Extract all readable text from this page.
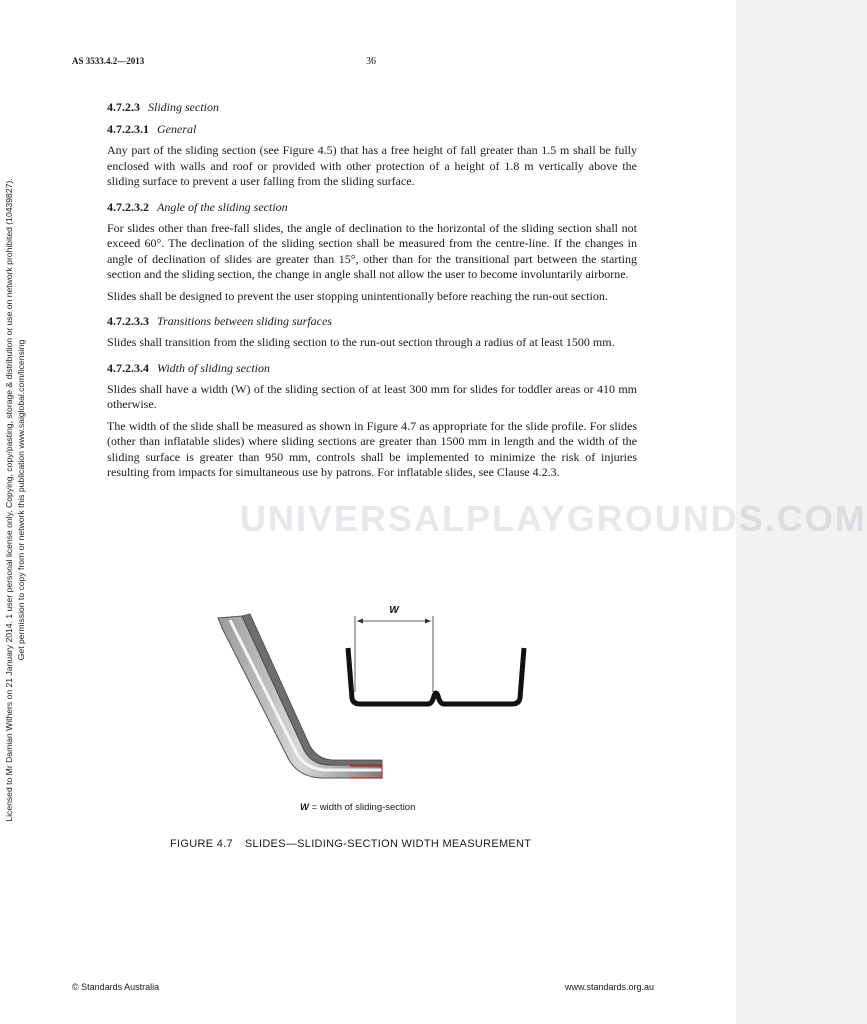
AS 3533.4.2—2013	36
Licensed to Mr Damian Withers on 21 January 2014. 1 user personal license only. Copying, copy/pasting, storage & distribution or use on network prohibited (10439827). Get permission to copy from or network this publication www.saiglobal.com/licensing
4.7.2.3 Sliding section
4.7.2.3.1 General

Any part of the sliding section (see Figure 4.5) that has a free height of fall greater than 1.5 m shall be fully enclosed with walls and roof or provided with other protection of a height of 1.8 m vertically above the sliding surface to prevent a user falling from the sliding surface.

4.7.2.3.2 Angle of the sliding section

For slides other than free-fall slides, the angle of declination to the horizontal of the sliding section shall not exceed 60°. The declination of the sliding section shall be measured from the centre-line. If the changes in angle of declination of slides are greater than 15°, other than for the transitional part between the starting section and the sliding section, the change in angle shall not allow the user to become involuntarily airborne.

Slides shall be designed to prevent the user stopping unintentionally before reaching the run-out section.

4.7.2.3.3 Transitions between sliding surfaces

Slides shall transition from the sliding section to the run-out section through a radius of at least 1500 mm.

4.7.2.3.4 Width of sliding section

Slides shall have a width (W) of the sliding section of at least 300 mm for slides for toddler areas or 410 mm otherwise.

The width of the slide shall be measured as shown in Figure 4.7 as appropriate for the slide profile. For slides (other than inflatable slides) where sliding sections are greater than 1500 mm in length and the width of the sliding surface is greater than 950 mm, controls shall be implemented to minimize the risk of injuries resulting from impacts for simultaneous use by patrons. For inflatable slides, see Clause 4.2.3.

UNIVERSALPLAYGROUNDS.COM
W
W = width of sliding-section
FIGURE 4.7 SLIDES—SLIDING-SECTION WIDTH MEASUREMENT
© Standards Australia	www.standards.org.au
